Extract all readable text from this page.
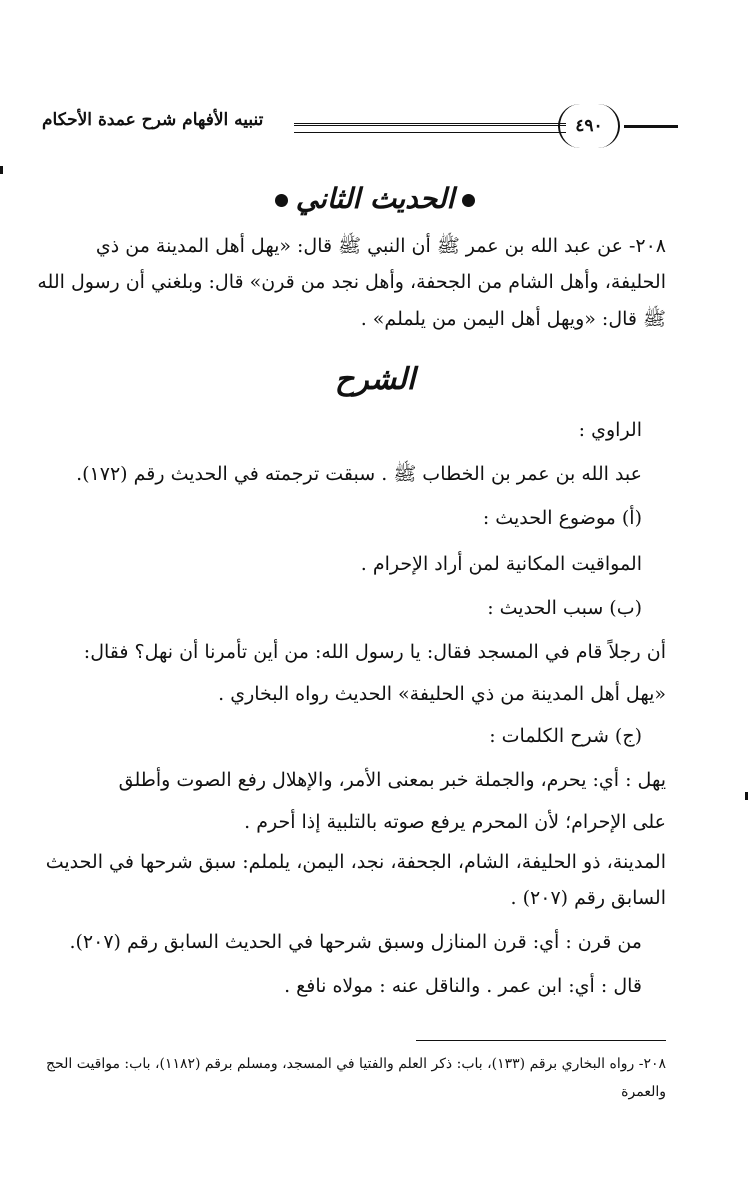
تنبيه الأفهام شرح عمدة الأحكام	٤٩٠
الحديث الثاني
٢٠٨- عن عبد الله بن عمر ﷺ أن النبي ﷺ قال: «يهل أهل المدينة من ذي
الحليفة، وأهل الشام من الجحفة، وأهل نجد من قرن» قال: وبلغني أن رسول الله
ﷺ قال: «ويهل أهل اليمن من يلملم» .
الشرح
الراوي :
عبد الله بن عمر بن الخطاب ﷺ . سبقت ترجمته في الحديث رقم (١٧٢).
(أ) موضوع الحديث :
المواقيت المكانية لمن أراد الإحرام .
(ب) سبب الحديث :
أن رجلاً قام في المسجد فقال: يا رسول الله: من أين تأمرنا أن نهل؟ فقال:
«يهل أهل المدينة من ذي الحليفة» الحديث رواه البخاري .
(ج) شرح الكلمات :
يهل : أي: يحرم، والجملة خبر بمعنى الأمر، والإهلال رفع الصوت وأطلق
على الإحرام؛ لأن المحرم يرفع صوته بالتلبية إذا أحرم .
المدينة، ذو الحليفة، الشام، الجحفة، نجد، اليمن، يلملم: سبق شرحها في الحديث
السابق رقم (٢٠٧) .
من قرن : أي: قرن المنازل وسبق شرحها في الحديث السابق رقم (٢٠٧).
قال : أي: ابن عمر . والناقل عنه : مولاه نافع .
٢٠٨- رواه البخاري برقم (١٣٣)، باب: ذكر العلم والفتيا في المسجد، ومسلم برقم (١١٨٢)، باب: مواقيت الحج
والعمرة
